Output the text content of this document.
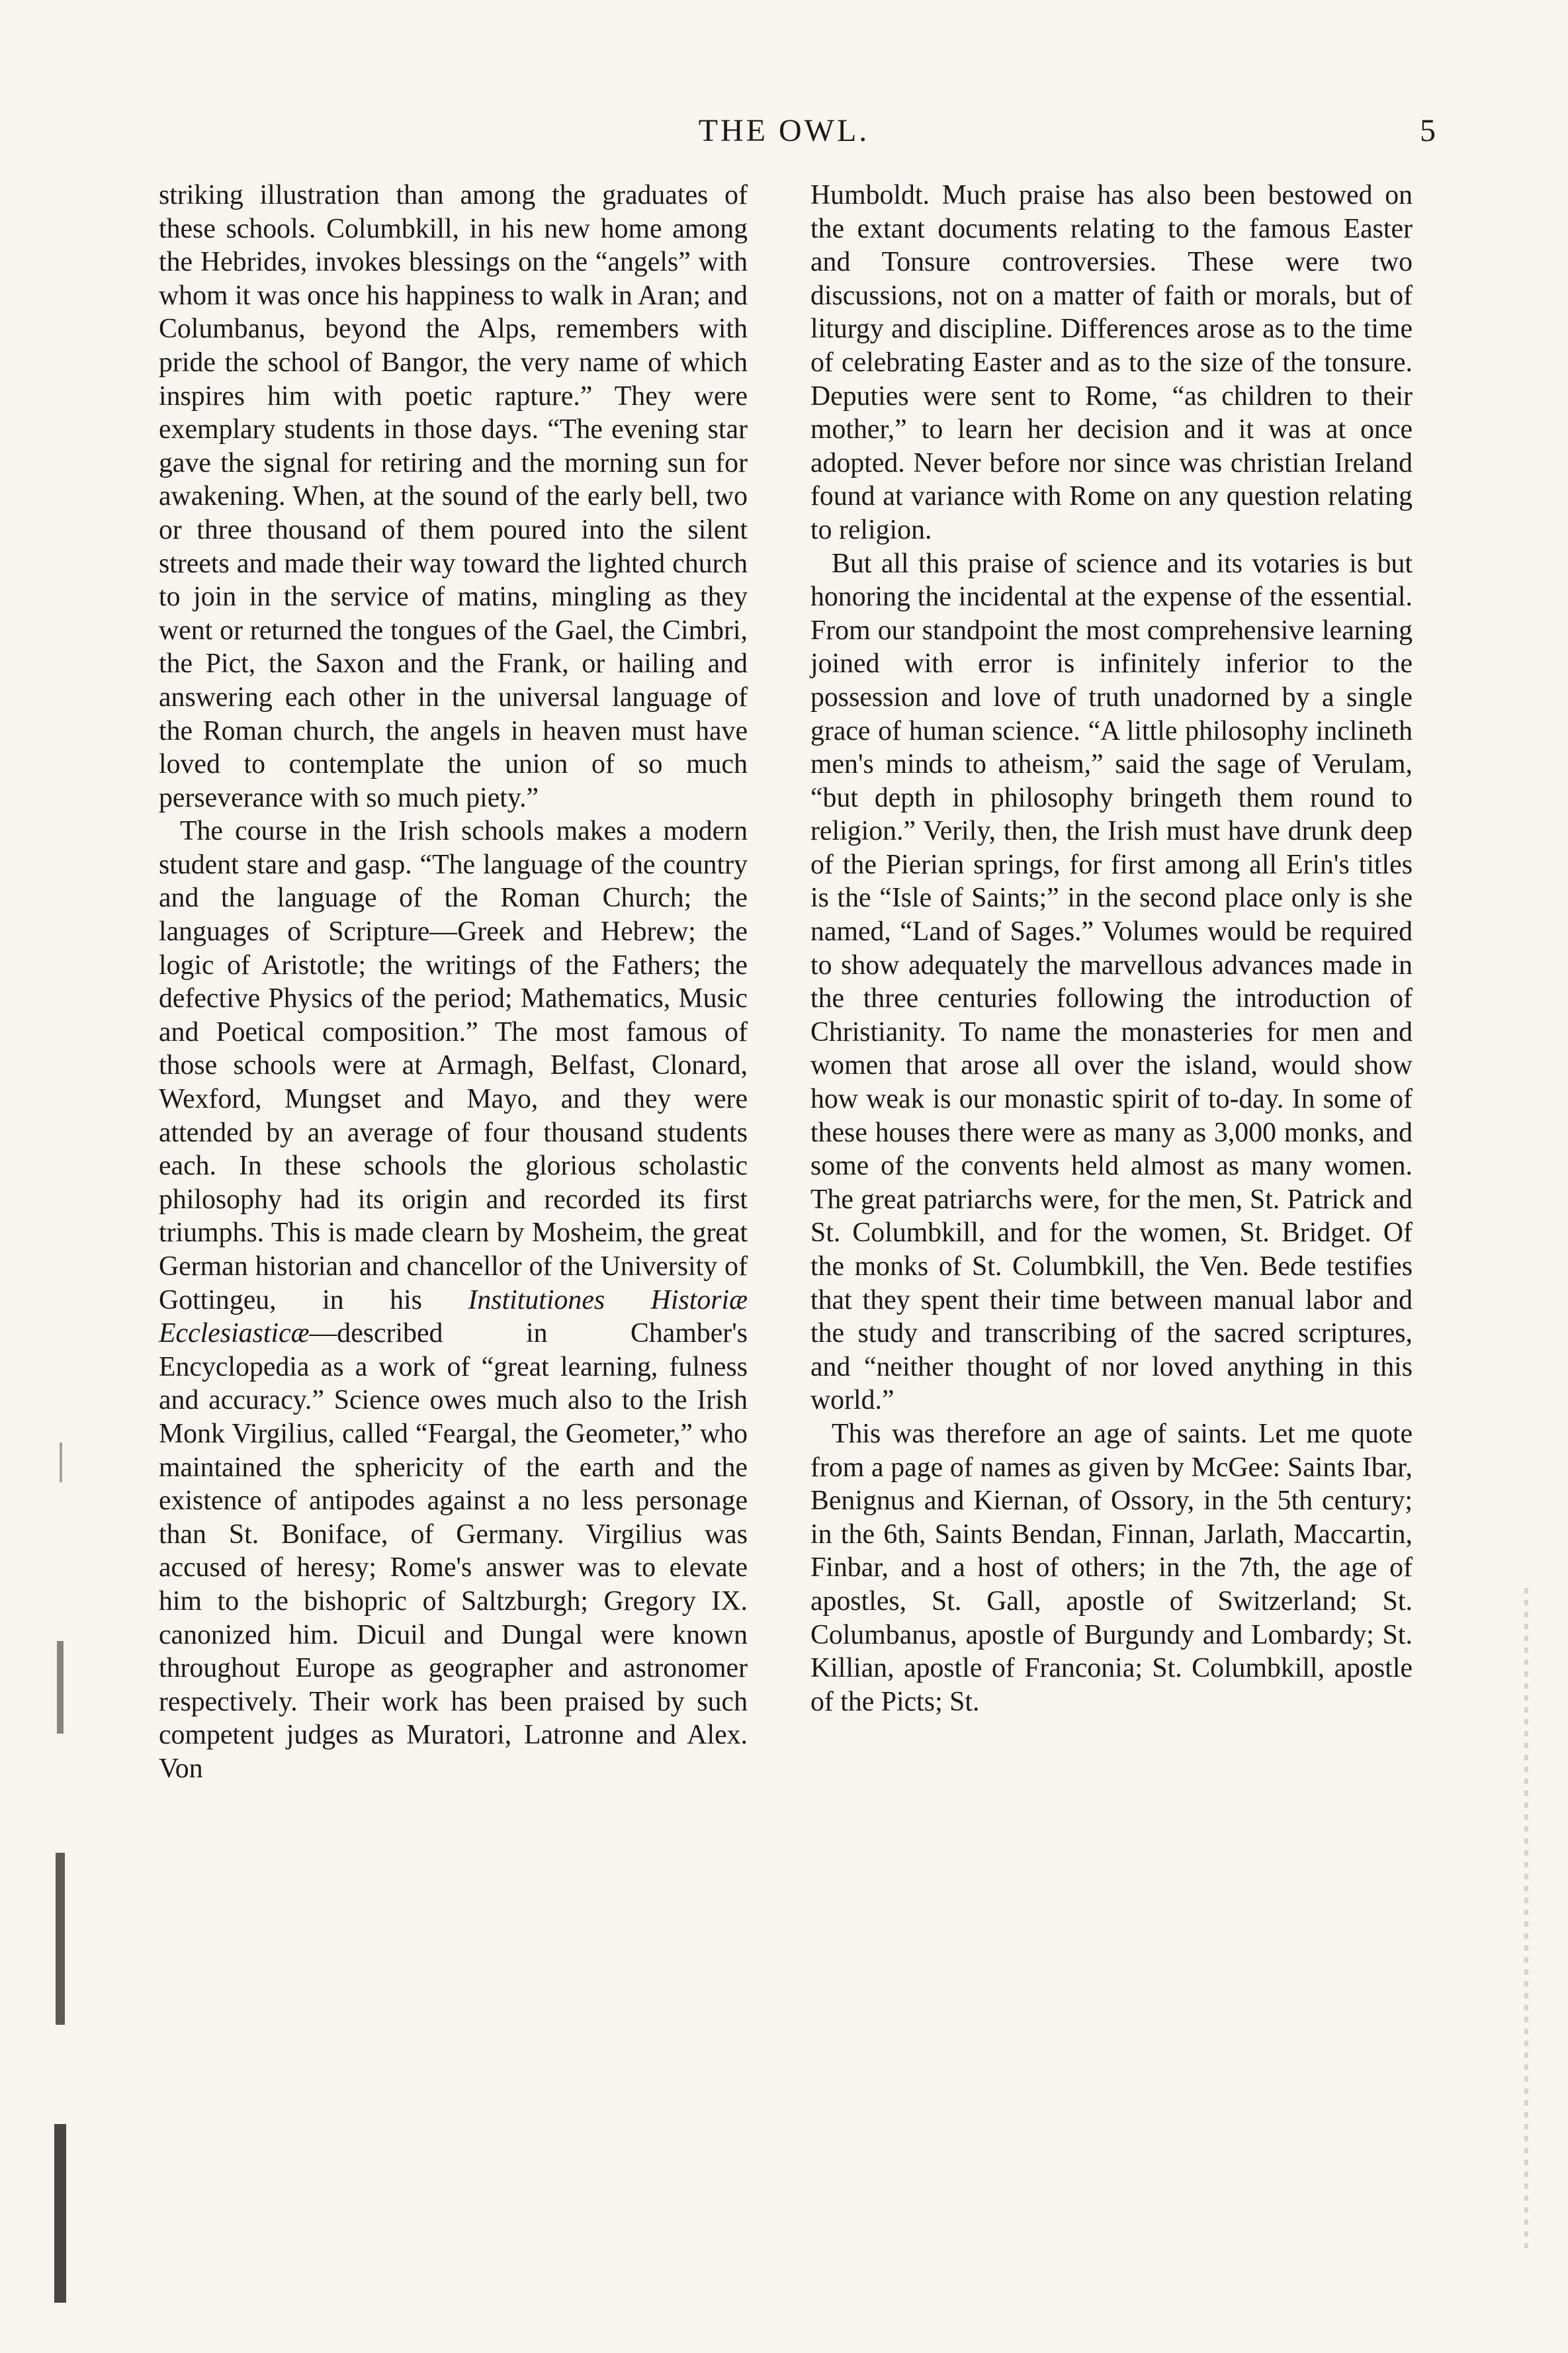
THE OWL.	5

striking illustration than among the graduates of these schools. Columbkill, in his new home among the Hebrides, invokes blessings on the “angels” with whom it was once his happiness to walk in Aran; and Columbanus, beyond the Alps, remembers with pride the school of Bangor, the very name of which inspires him with poetic rapture.” They were exemplary students in those days. “The evening star gave the signal for retiring and the morning sun for awakening. When, at the sound of the early bell, two or three thousand of them poured into the silent streets and made their way toward the lighted church to join in the service of matins, mingling as they went or returned the tongues of the Gael, the Cimbri, the Pict, the Saxon and the Frank, or hailing and answering each other in the universal language of the Roman church, the angels in heaven must have loved to contemplate the union of so much perseverance with so much piety.”

The course in the Irish schools makes a modern student stare and gasp. “The language of the country and the language of the Roman Church; the languages of Scripture—Greek and Hebrew; the logic of Aristotle; the writings of the Fathers; the defective Physics of the period; Mathematics, Music and Poetical composition.” The most famous of those schools were at Armagh, Belfast, Clonard, Wexford, Mungset and Mayo, and they were attended by an average of four thousand students each. In these schools the glorious scholastic philosophy had its origin and recorded its first triumphs. This is made clearn by Mosheim, the great German historian and chancellor of the University of Gottingeu, in his Institutiones Historiæ Ecclesiasticæ—described in Chamber's Encyclopedia as a work of “great learning, fulness and accuracy.” Science owes much also to the Irish Monk Virgilius, called “Feargal, the Geometer,” who maintained the sphericity of the earth and the existence of antipodes against a no less personage than St. Boniface, of Germany. Virgilius was accused of heresy; Rome's answer was to elevate him to the bishopric of Saltzburgh; Gregory IX. canonized him. Dicuil and Dungal were known throughout Europe as geographer and astronomer respectively. Their work has been praised by such competent judges as Muratori, Latronne and Alex. Von

Humboldt. Much praise has also been bestowed on the extant documents relating to the famous Easter and Tonsure controversies. These were two discussions, not on a matter of faith or morals, but of liturgy and discipline. Differences arose as to the time of celebrating Easter and as to the size of the tonsure. Deputies were sent to Rome, “as children to their mother,” to learn her decision and it was at once adopted. Never before nor since was christian Ireland found at variance with Rome on any question relating to religion.

But all this praise of science and its votaries is but honoring the incidental at the expense of the essential. From our standpoint the most comprehensive learning joined with error is infinitely inferior to the possession and love of truth unadorned by a single grace of human science. “A little philosophy inclineth men's minds to atheism,” said the sage of Verulam, “but depth in philosophy bringeth them round to religion.” Verily, then, the Irish must have drunk deep of the Pierian springs, for first among all Erin's titles is the “Isle of Saints;” in the second place only is she named, “Land of Sages.” Volumes would be required to show adequately the marvellous advances made in the three centuries following the introduction of Christianity. To name the monasteries for men and women that arose all over the island, would show how weak is our monastic spirit of to-day. In some of these houses there were as many as 3,000 monks, and some of the convents held almost as many women. The great patriarchs were, for the men, St. Patrick and St. Columbkill, and for the women, St. Bridget. Of the monks of St. Columbkill, the Ven. Bede testifies that they spent their time between manual labor and the study and transcribing of the sacred scriptures, and “neither thought of nor loved anything in this world.”

This was therefore an age of saints. Let me quote from a page of names as given by McGee: Saints Ibar, Benignus and Kiernan, of Ossory, in the 5th century; in the 6th, Saints Bendan, Finnan, Jarlath, Maccartin, Finbar, and a host of others; in the 7th, the age of apostles, St. Gall, apostle of Switzerland; St. Columbanus, apostle of Burgundy and Lombardy; St. Killian, apostle of Franconia; St. Columbkill, apostle of the Picts; St.
